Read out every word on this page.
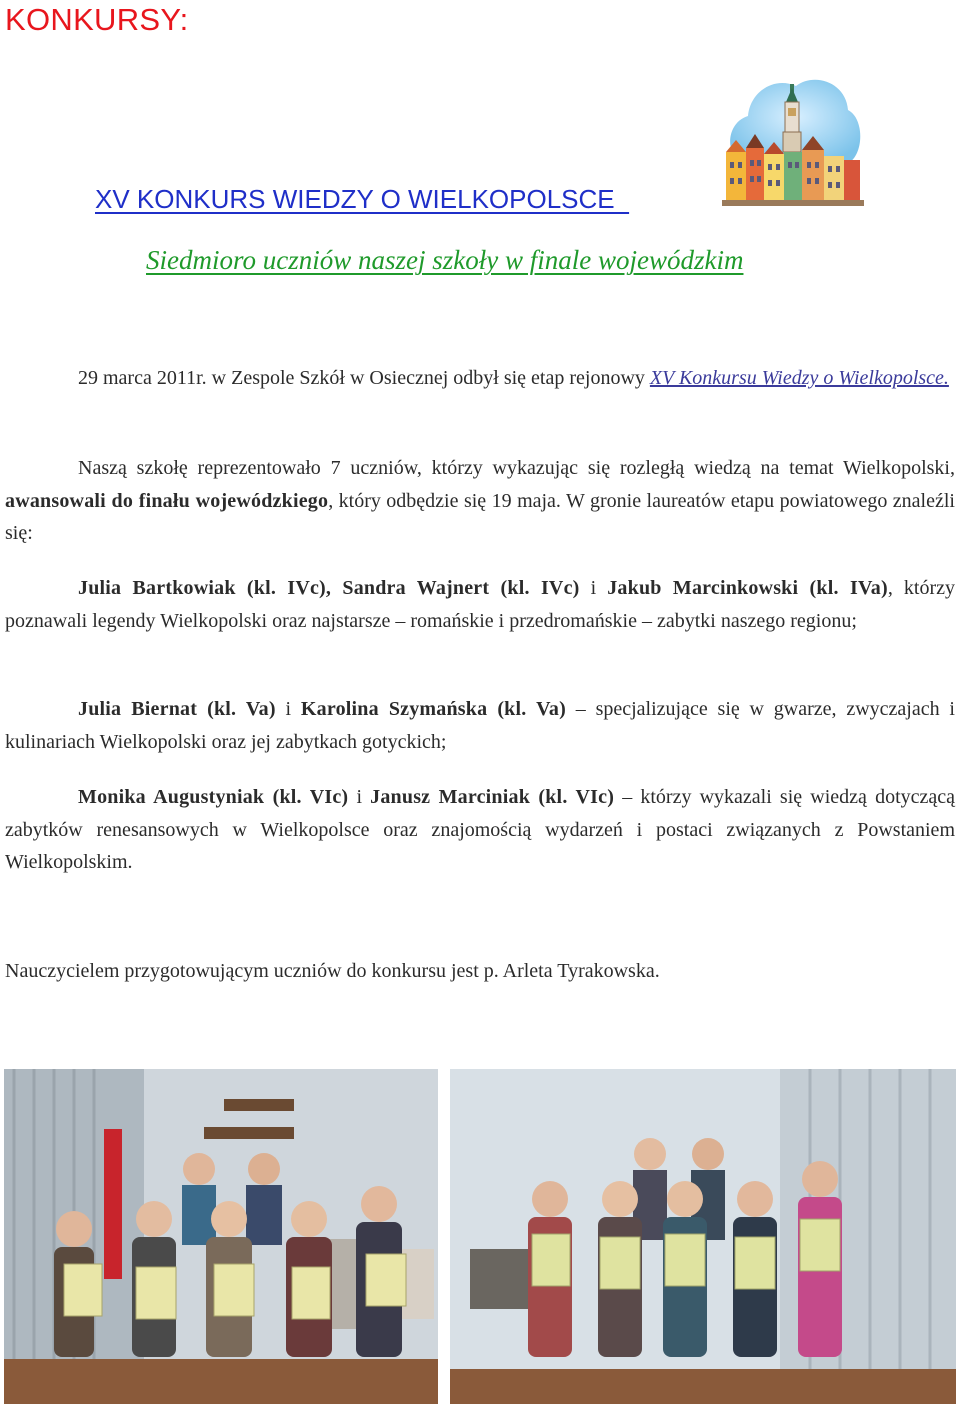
KONKURSY:
XV KONKURS WIEDZY O WIELKOPOLSCE
Siedmioro uczniów naszej szkoły w finale wojewódzkim

29 marca 2011r. w Zespole Szkół w Osiecznej odbył się etap rejonowy XV Konkursu Wiedzy o Wielkopolsce.

Naszą szkołę reprezentowało 7 uczniów, którzy wykazując się rozległą wiedzą na temat Wielkopolski, awansowali do finału wojewódzkiego, który odbędzie się 19 maja. W gronie laureatów etapu powiatowego znaleźli się:

Julia Bartkowiak (kl. IVc), Sandra Wajnert (kl. IVc) i Jakub Marcinkowski (kl. IVa), którzy poznawali legendy Wielkopolski oraz najstarsze – romańskie i przedromańskie – zabytki naszego regionu;

Julia Biernat (kl. Va) i Karolina Szymańska (kl. Va) – specjalizujące się w gwarze, zwyczajach i kulinariach Wielkopolski oraz jej zabytkach gotyckich;

Monika Augustyniak (kl. VIc) i Janusz Marciniak (kl. VIc) – którzy wykazali się wiedzą dotyczącą zabytków renesansowych w Wielkopolsce oraz znajomością wydarzeń i postaci związanych z Powstaniem Wielkopolskim.

Nauczycielem przygotowującym uczniów do konkursu jest p. Arleta Tyrakowska.
